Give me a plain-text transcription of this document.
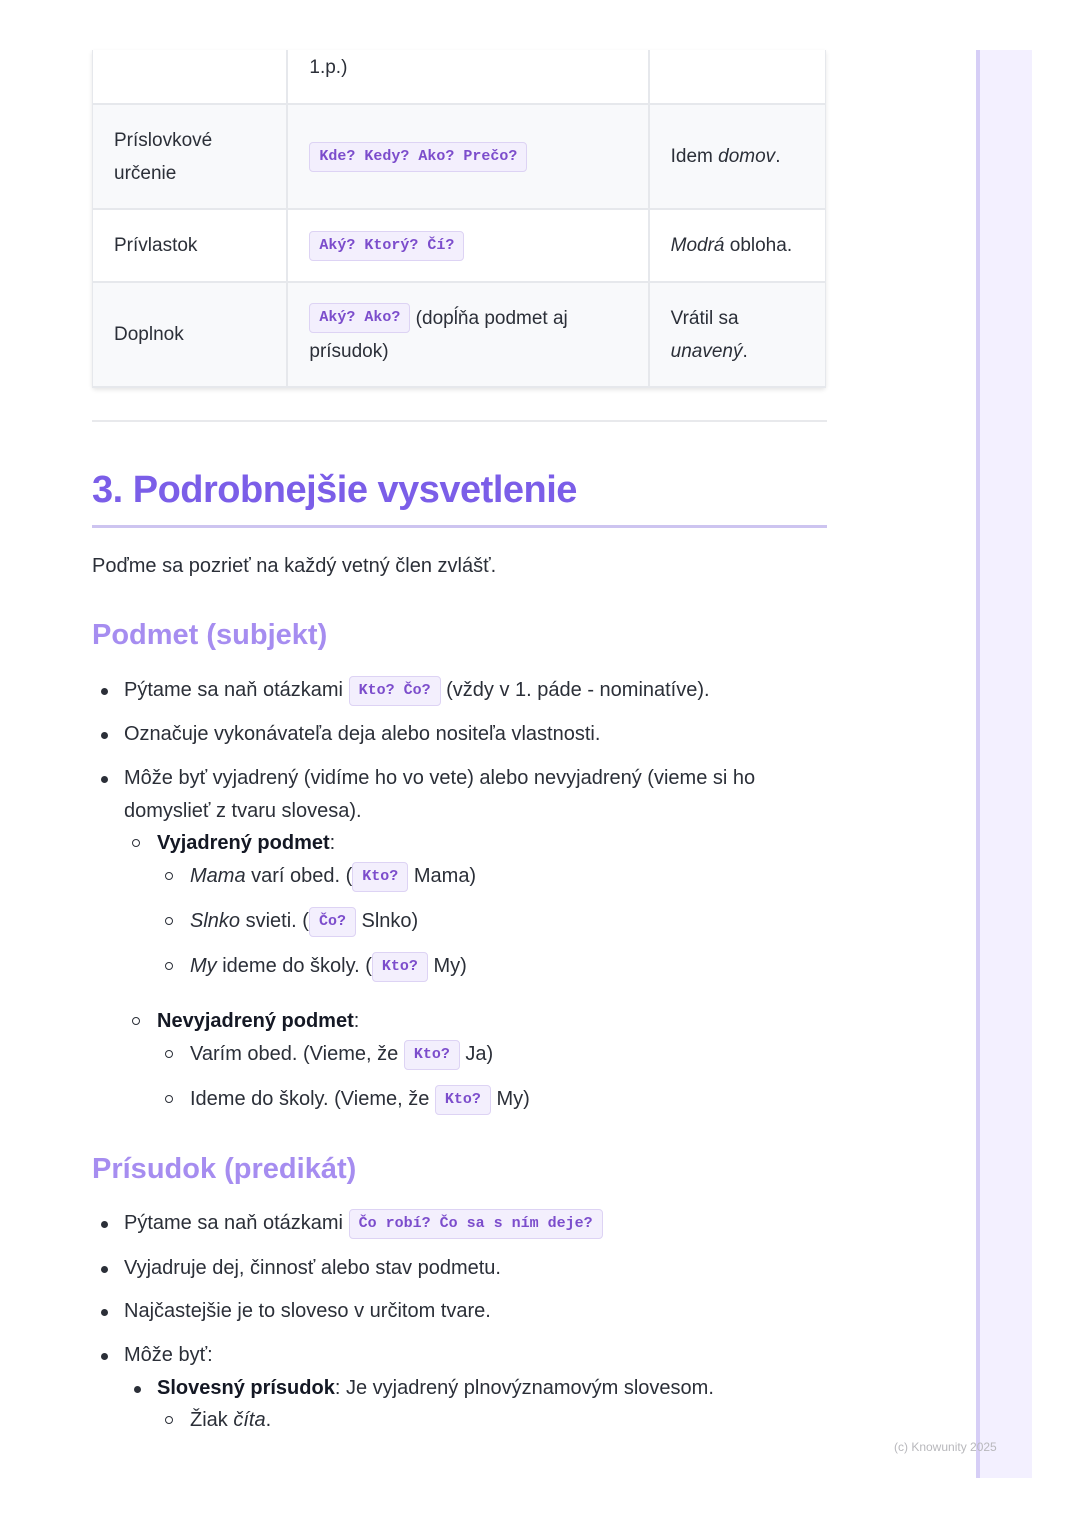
	1.p.)	
Príslovkové určenie	Kde? Kedy? Ako? Prečo?	Idem domov.
Prívlastok	Aký? Ktorý? Čí?	Modrá obloha.
Doplnok	Aký? Ako? (dopĺňa podmet aj prísudok)	Vrátil sa unavený.
3. Podrobnejšie vysvetlenie
Poďme sa pozrieť na každý vetný člen zvlášť.
Podmet (subjekt)
Pýtame sa naň otázkami Kto? Čo? (vždy v 1. páde - nominatíve).
Označuje vykonávateľa deja alebo nositeľa vlastnosti.
Môže byť vyjadrený (vidíme ho vo vete) alebo nevyjadrený (vieme si ho
domyslieť z tvaru slovesa).
Vyjadrený podmet:
Mama varí obed. ( Kto? Mama)
Slnko svieti. ( Čo? Slnko)
My ideme do školy. ( Kto? My)
Nevyjadrený podmet:
Varím obed. (Vieme, že Kto? Ja)
Ideme do školy. (Vieme, že Kto? My)
Prísudok (predikát)
Pýtame sa naň otázkami Čo robí? Čo sa s ním deje?
Vyjadruje dej, činnosť alebo stav podmetu.
Najčastejšie je to sloveso v určitom tvare.
Môže byť:
Slovesný prísudok: Je vyjadrený plnovýznamovým slovesom.
Žiak číta.
(c) Knowunity 2025
